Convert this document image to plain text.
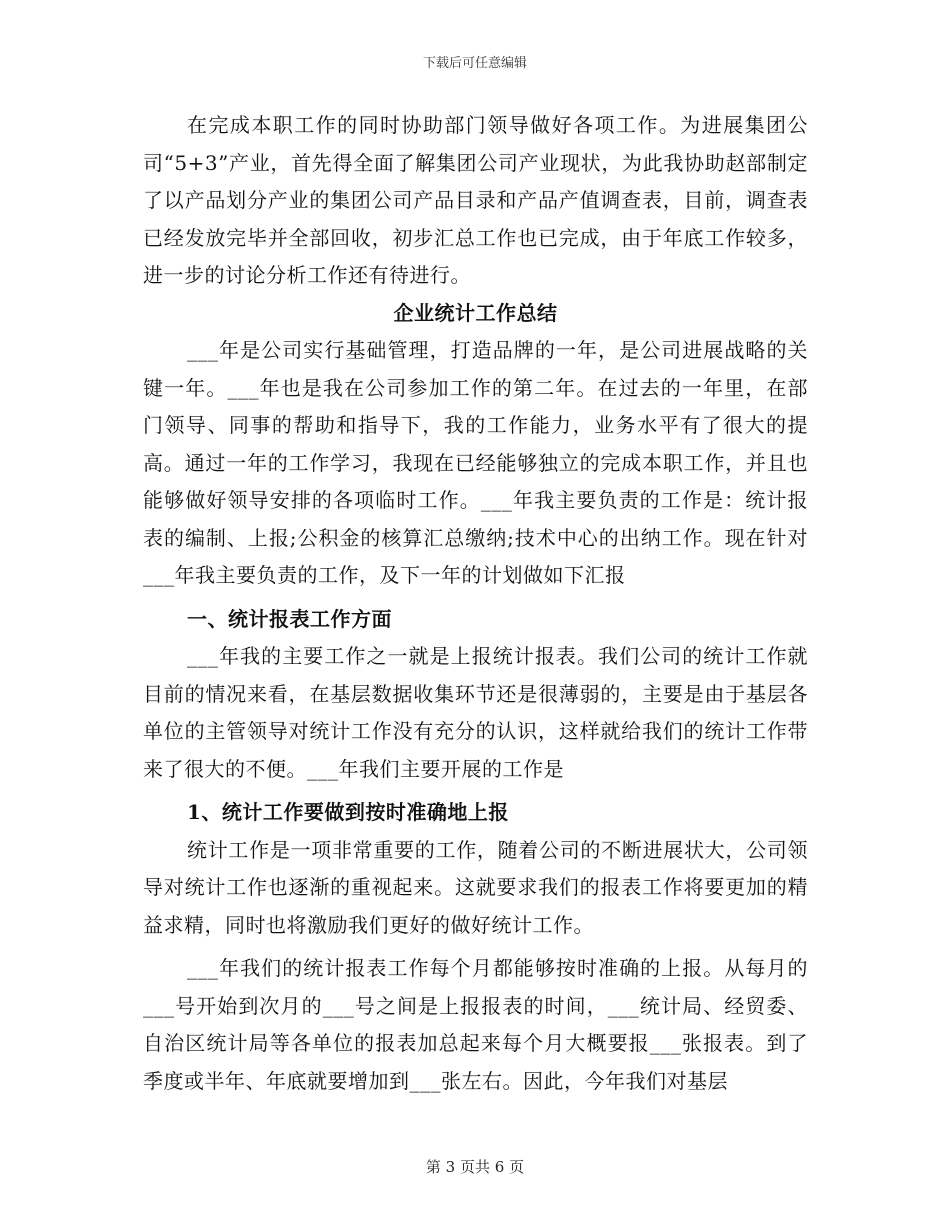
下载后可任意编辑

在完成本职工作的同时协助部门领导做好各项工作。为进展集团公司“5+3”产业，首先得全面了解集团公司产业现状，为此我协助赵部制定了以产品划分产业的集团公司产品目录和产品产值调查表，目前，调查表已经发放完毕并全部回收，初步汇总工作也已完成，由于年底工作较多，进一步的讨论分析工作还有待进行。

企业统计工作总结

___年是公司实行基础管理，打造品牌的一年，是公司进展战略的关键一年。___年也是我在公司参加工作的第二年。在过去的一年里，在部门领导、同事的帮助和指导下，我的工作能力，业务水平有了很大的提高。通过一年的工作学习，我现在已经能够独立的完成本职工作，并且也能够做好领导安排的各项临时工作。___年我主要负责的工作是：统计报表的编制、上报;公积金的核算汇总缴纳;技术中心的出纳工作。现在针对___年我主要负责的工作，及下一年的计划做如下汇报

一、统计报表工作方面

___年我的主要工作之一就是上报统计报表。我们公司的统计工作就目前的情况来看，在基层数据收集环节还是很薄弱的，主要是由于基层各单位的主管领导对统计工作没有充分的认识，这样就给我们的统计工作带来了很大的不便。___年我们主要开展的工作是

1、统计工作要做到按时准确地上报

统计工作是一项非常重要的工作，随着公司的不断进展状大，公司领导对统计工作也逐渐的重视起来。这就要求我们的报表工作将要更加的精益求精，同时也将激励我们更好的做好统计工作。

___年我们的统计报表工作每个月都能够按时准确的上报。从每月的___号开始到次月的___号之间是上报报表的时间，___统计局、经贸委、自治区统计局等各单位的报表加总起来每个月大概要报___张报表。到了季度或半年、年底就要增加到___张左右。因此，今年我们对基层

第 3 页共 6 页
